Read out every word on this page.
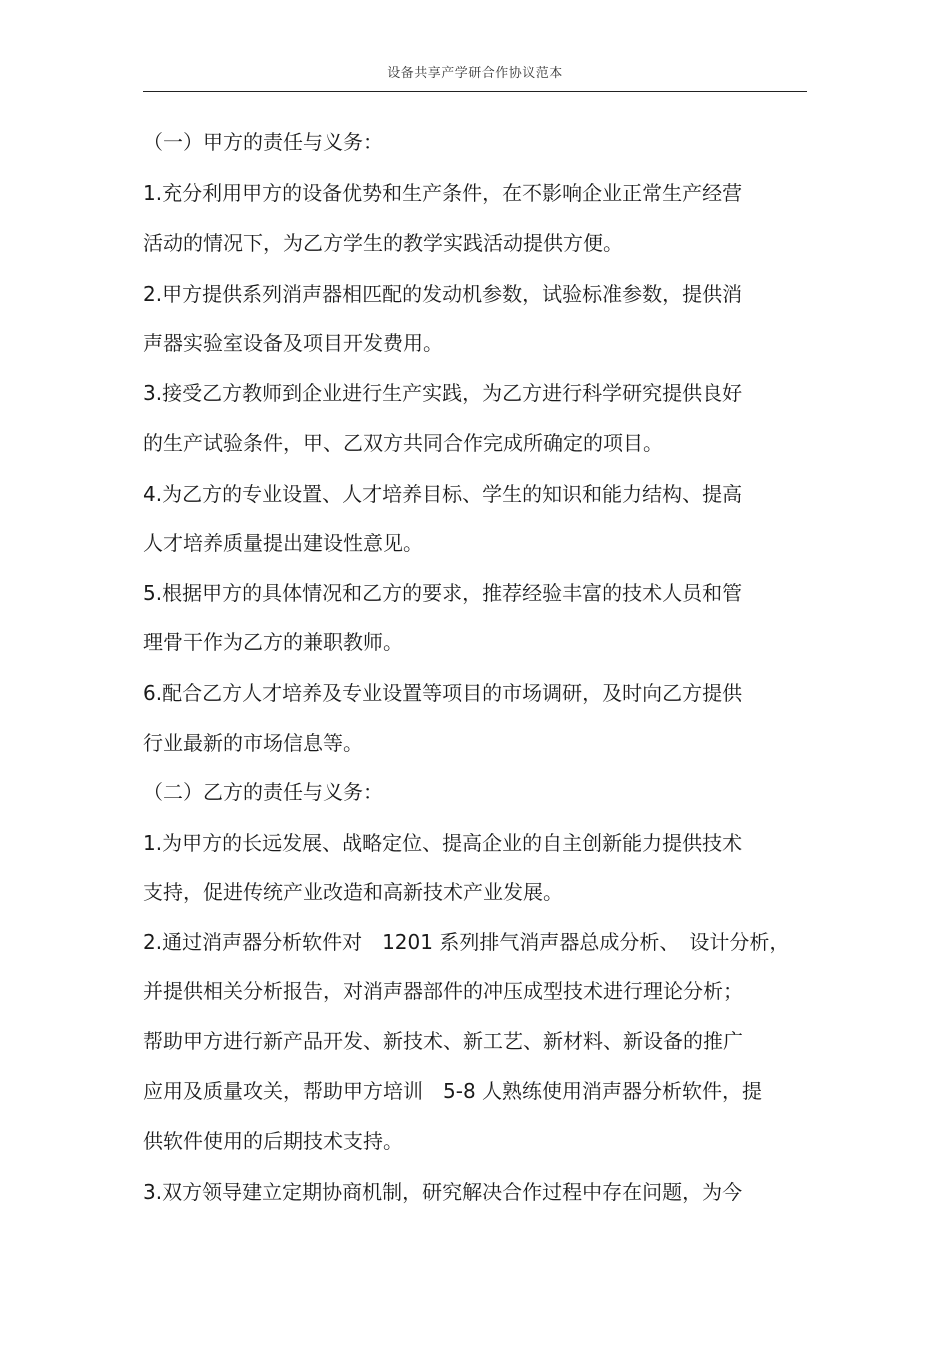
设备共享产学研合作协议范本
（一）甲方的责任与义务：
1.充分利用甲方的设备优势和生产条件，在不影响企业正常生产经营
活动的情况下，为乙方学生的教学实践活动提供方便。
2.甲方提供系列消声器相匹配的发动机参数，试验标准参数，提供消
声器实验室设备及项目开发费用。
3.接受乙方教师到企业进行生产实践，为乙方进行科学研究提供良好
的生产试验条件，甲、乙双方共同合作完成所确定的项目。
4.为乙方的专业设置、人才培养目标、学生的知识和能力结构、提高
人才培养质量提出建设性意见。
5.根据甲方的具体情况和乙方的要求，推荐经验丰富的技术人员和管
理骨干作为乙方的兼职教师。
6.配合乙方人才培养及专业设置等项目的市场调研，及时向乙方提供
行业最新的市场信息等。
（二）乙方的责任与义务：
1.为甲方的长远发展、战略定位、提高企业的自主创新能力提供技术
支持，促进传统产业改造和高新技术产业发展。
2.通过消声器分析软件对　1201 系列排气消声器总成分析、　设计分析，
并提供相关分析报告，对消声器部件的冲压成型技术进行理论分析；
帮助甲方进行新产品开发、新技术、新工艺、新材料、新设备的推广
应用及质量攻关，帮助甲方培训　5-8 人熟练使用消声器分析软件，提
供软件使用的后期技术支持。
3.双方领导建立定期协商机制，研究解决合作过程中存在问题，为今
